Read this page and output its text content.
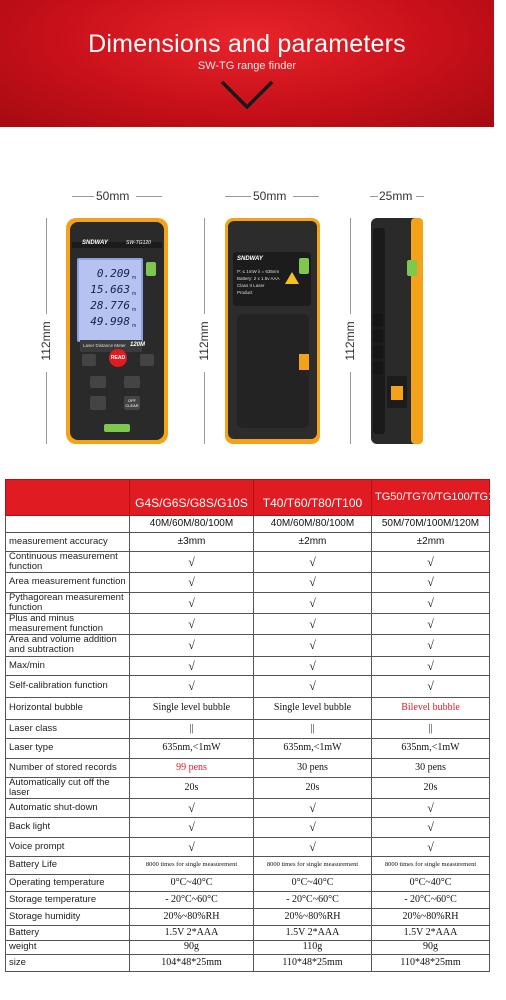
Dimensions and parameters
SW-TG range finder
50mm	50mm	25mm
112mm	112mm	112mm
SNDWAY	SW-TG120
0.209
15.663
28.776
49.998
m
m
m
m
Laser Distance Meter 120M
READ
OFF
CLEAR
SNDWAY
P: ≤ 1mW λ = 635nm
Battery: 2 x 1.5v AAA
Class II Laser
Product
	G4S/G6S/G8S/G10S	T40/T60/T80/T100	TG50/TG70/TG100/TG120
	40M/60M/80/100M	40M/60M/80/100M	50M/70M/100M/120M
measurement accuracy	±3mm	±2mm	±2mm
Continuous measurement function	√	√	√
Area measurement function	√	√	√
Pythagorean measurement function	√	√	√
Plus and minus measurement function	√	√	√
Area and volume addition and subtraction	√	√	√
Max/min	√	√	√
Self-calibration function	√	√	√
Horizontal bubble	Single level bubble	Single level bubble	Bilevel bubble
Laser class	||	||	||
Laser type	635nm,<1mW	635nm,<1mW	635nm,<1mW
Number of stored records	99 pens	30 pens	30 pens
Automatically cut off the laser	20s	20s	20s
Automatic shut-down	√	√	√
Back light	√	√	√
Voice prompt	√	√	√
Battery Life	8000 times for single measurement	8000 times for single measurement	8000 times for single measurement
Operating temperature	0°C~40°C	0°C~40°C	0°C~40°C
Storage temperature	- 20°C~60°C	- 20°C~60°C	- 20°C~60°C
Storage humidity	20%~80%RH	20%~80%RH	20%~80%RH
Battery	1.5V 2*AAA	1.5V 2*AAA	1.5V 2*AAA
weight	90g	110g	90g
size	104*48*25mm	110*48*25mm	110*48*25mm
